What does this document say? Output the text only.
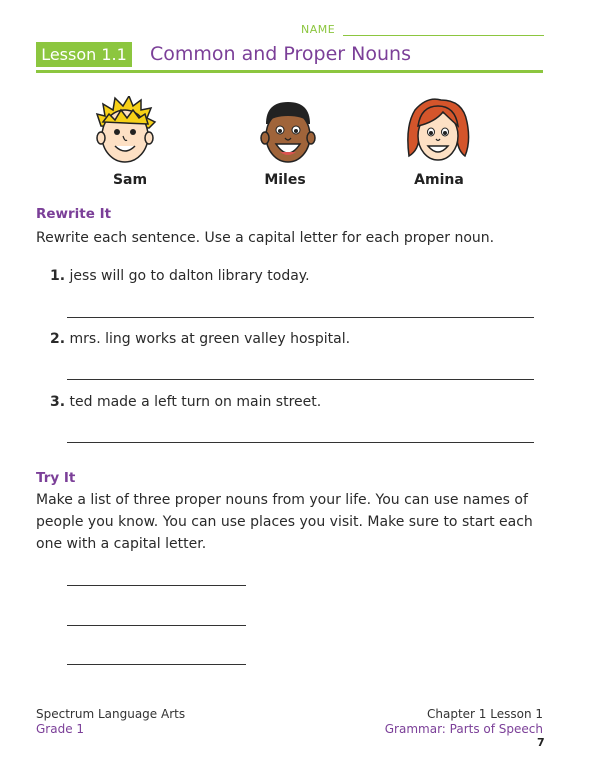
NAME
Lesson 1.1 Common and Proper Nouns
Sam	Miles	Amina
Rewrite It
Rewrite each sentence. Use a capital letter for each proper noun.
1. jess will go to dalton library today.
2. mrs. ling works at green valley hospital.
3. ted made a left turn on main street.
Try It
Make a list of three proper nouns from your life. You can use names of people you know. You can use places you visit. Make sure to start each one with a capital letter.
Spectrum Language Arts
Grade 1
Chapter 1 Lesson 1
Grammar: Parts of Speech
7
